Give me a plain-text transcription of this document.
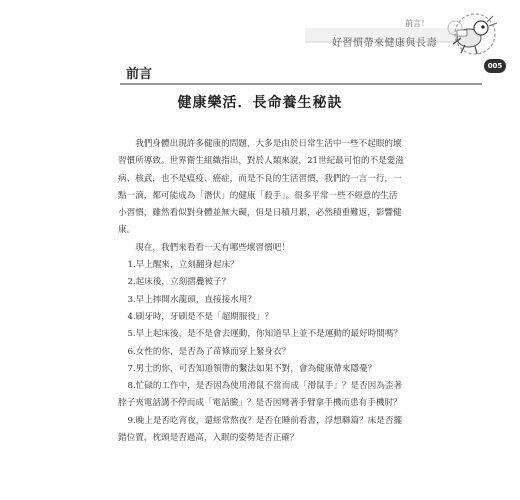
前言！
好習慣帶來健康與長壽
005
前言
健康樂活．長命養生秘訣

我們身體出現許多健康的問題，大多是由於日常生活中一些不起眼的壞習慣所導致。世界衛生組織指出，對於人類來說，21世紀最可怕的不是愛滋病、核武，也不是瘟疫、癌症，而是不良的生活習慣，我們的一言一行，一點一滴，都可能成為「潛伏」的健康「殺手」。很多平常一些不經意的生活小習慣，雖然看似對身體並無大礙，但是日積月累，必然積重難返，影響健康。

現在，我們來看看一天有哪些壞習慣吧！

1.早上醒來，立刻翻身起床？

2.起床後，立刻摺疊被子？

3.早上摔開水龍頭，直接接水用？

4.刷牙時，牙刷是不是「超期服役」？

5.早上起床後，是不是會去運動，你知道早上並不是運動的最好時間嗎？

6.女性的你，是否為了苗條而穿上緊身衣？

7.男士的你，可否知道領帶的繫法如果不對，會為健康帶來隱憂？

8.忙碌的工作中，是否因為使用滑鼠不當而成「滑鼠手」？是否因為歪著脖子夾電話講不停而成「電話臉」？是否因彎著手臂拿手機而患有手機肘？

9.晚上是否吃宵夜，還經常熬夜？是否在睡前看書，浮想聯篇？床是否擺錯位置，枕頭是否過高，入眠的姿勢是否正確？
